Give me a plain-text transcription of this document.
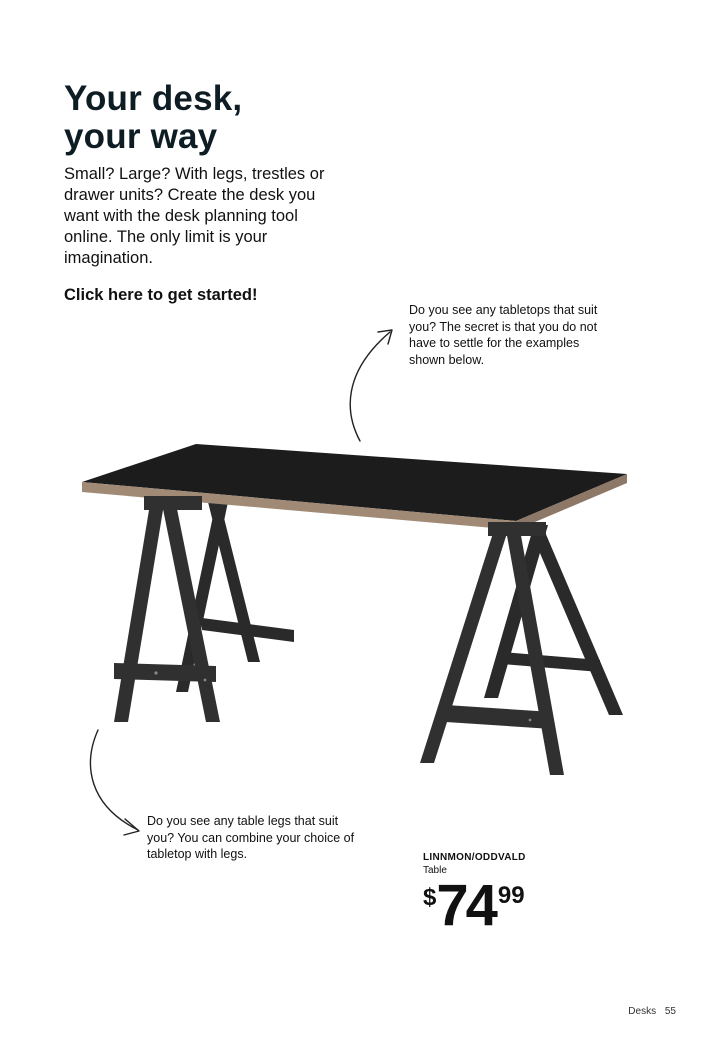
Your desk,
your way

Small? Large? With legs, trestles or drawer units? Create the desk you want with the desk planning tool online. The only limit is your imagination.

Click here to get started!

Do you see any tabletops that suit you? The secret is that you do not have to settle for the examples shown below.

Do you see any table legs that suit you? You can combine your choice of tabletop with legs.	LINNMON/ODDVALD
Table
$ 74 99
Desks 55
